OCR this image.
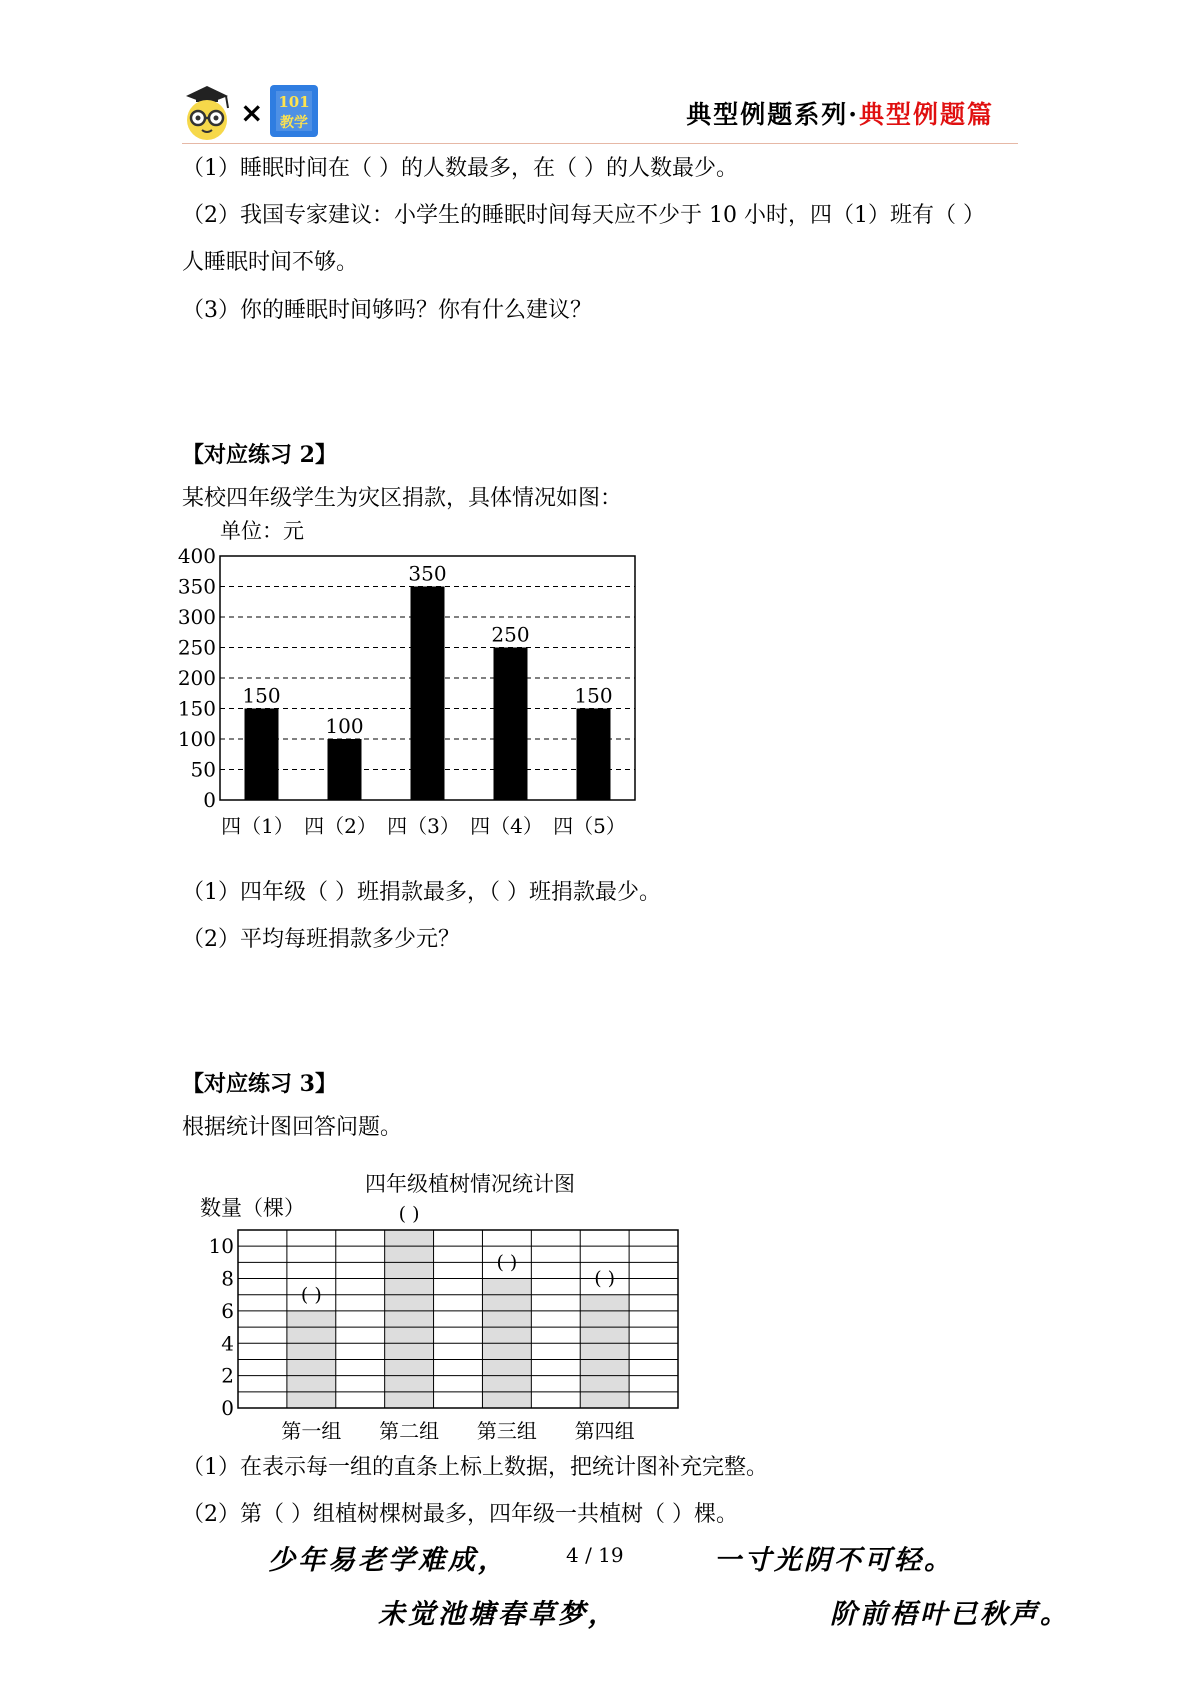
× 101
教学	典型例题系列·典型例题篇
（1）睡眠时间在（ ）的人数最多，在（ ）的人数最少。
（2）我国专家建议：小学生的睡眠时间每天应不少于 10 小时，四（1）班有（ ）
人睡眠时间不够。
（3）你的睡眠时间够吗？你有什么建议？
【对应练习 2】
某校四年级学生为灾区捐款，具体情况如图：
单位：元
150
100
350
250
150
0
50
100
150
200
250
300
350
400
四（1） 四（2） 四（3） 四（4） 四（5）
（1）四年级（ ）班捐款最多，（ ）班捐款最少。
（2）平均每班捐款多少元？
【对应练习 3】
根据统计图回答问题。
四年级植树情况统计图
数量（棵）
( )
( )
( )
( )
0
2
4
6
8
10
第一组 第二组 第三组 第四组
（1）在表示每一组的直条上标上数据，把统计图补充完整。
（2）第（ ）组植树棵树最多，四年级一共植树（ ）棵。
少年易老学难成，	4 / 19	一寸光阴不可轻。
未觉池塘春草梦，	阶前梧叶已秋声。
